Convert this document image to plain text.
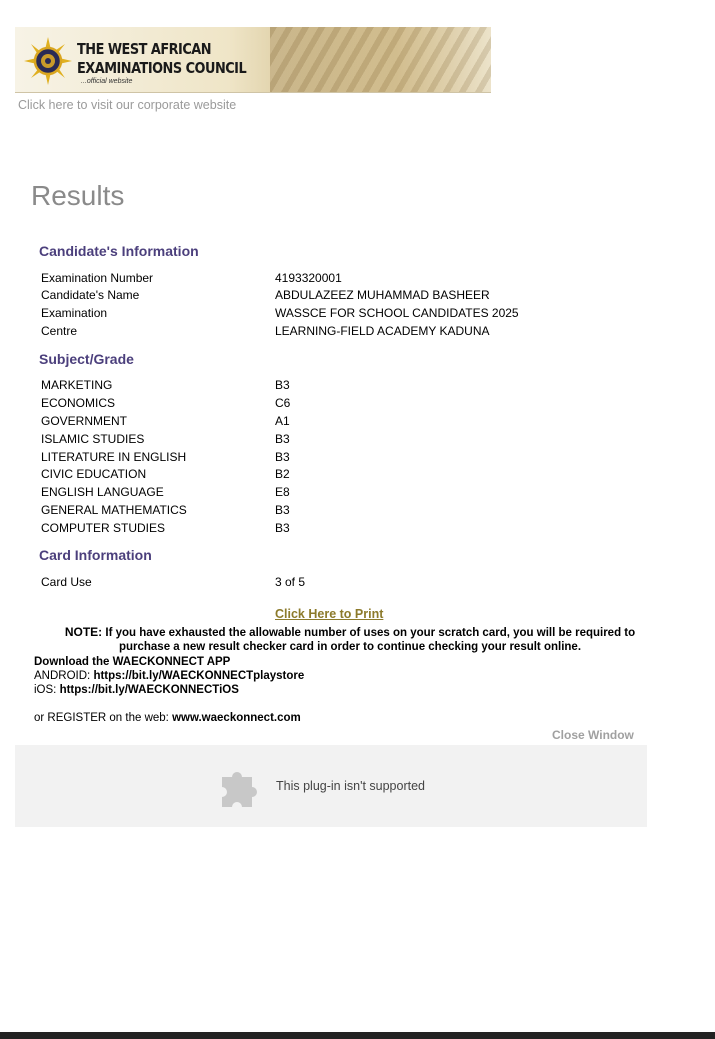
THE WEST AFRICAN
EXAMINATIONS COUNCIL
...official website
Click here to visit our corporate website
Results
Candidate's Information
Examination Number	4193320001
Candidate's Name	ABDULAZEEZ MUHAMMAD BASHEER
Examination	WASSCE FOR SCHOOL CANDIDATES 2025
Centre	LEARNING-FIELD ACADEMY KADUNA
Subject/Grade
MARKETING	B3
ECONOMICS	C6
GOVERNMENT	A1
ISLAMIC STUDIES	B3
LITERATURE IN ENGLISH	B3
CIVIC EDUCATION	B2
ENGLISH LANGUAGE	E8
GENERAL MATHEMATICS	B3
COMPUTER STUDIES	B3
Card Information
Card Use	3 of 5
Click Here to Print
NOTE: If you have exhausted the allowable number of uses on your scratch card, you will be required to
purchase a new result checker card in order to continue checking your result online.
Download the WAECKONNECT APP
ANDROID: https://bit.ly/WAECKONNECTplaystore
iOS: https://bit.ly/WAECKONNECTiOS
or REGISTER on the web: www.waeckonnect.com
Close Window
This plug-in isn't supported
